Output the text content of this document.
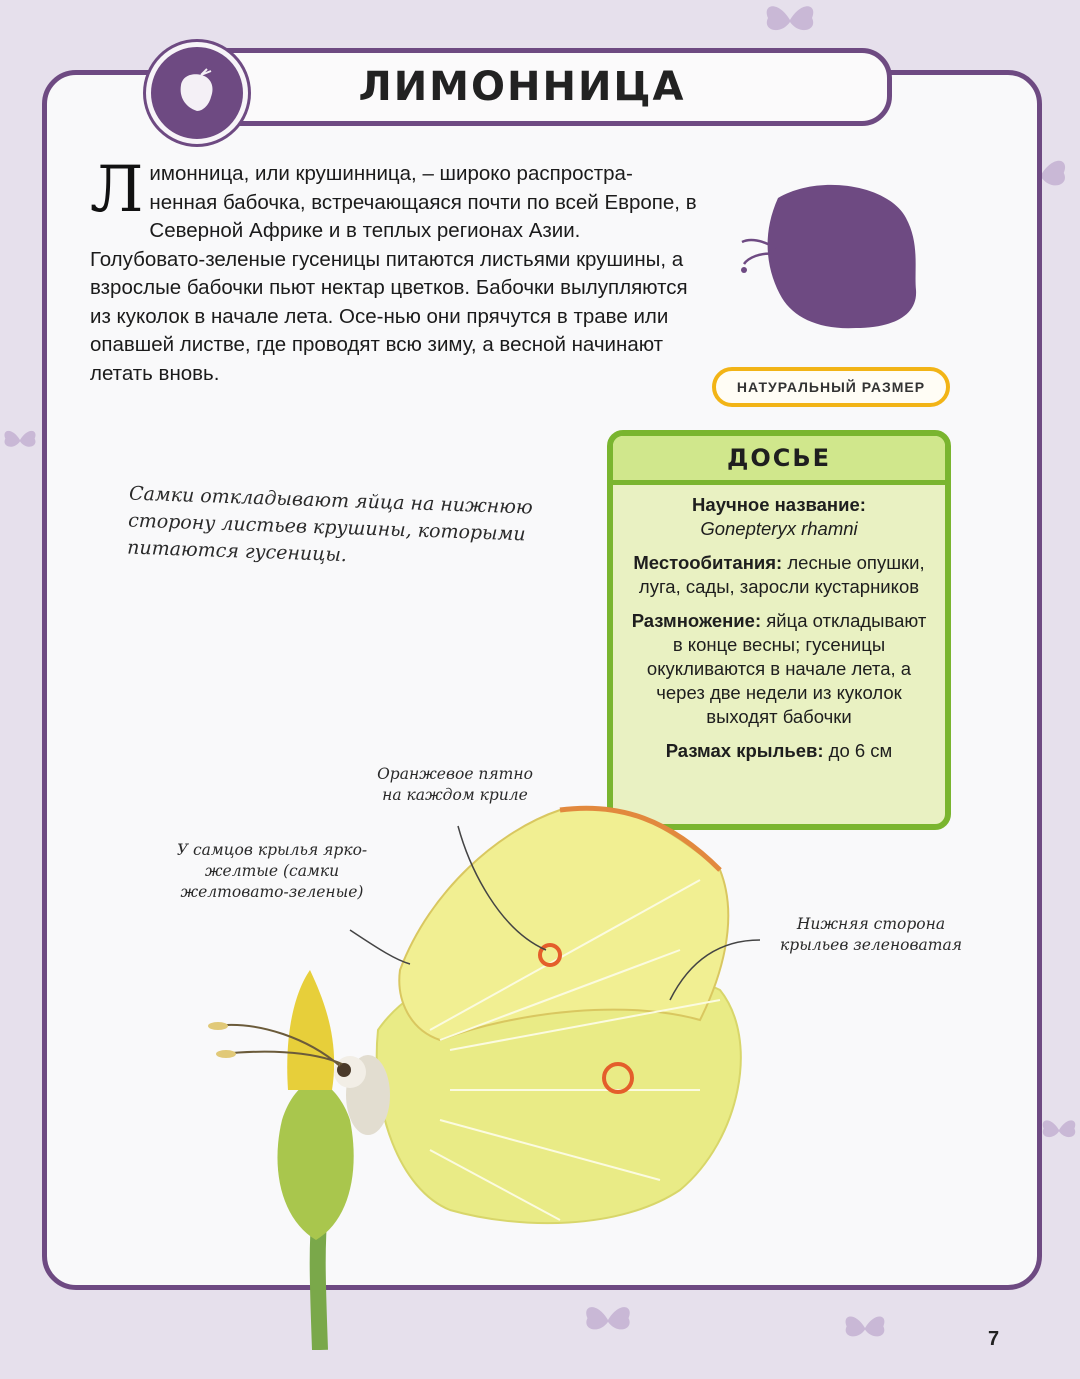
ЛИМОННИЦА
Л имонница, или крушинница, – широко распростра-ненная бабочка, встречающаяся почти по всей Европе, в Северной Африке и в теплых регионах Азии. Голубовато-зеленые гусеницы питаются листьями крушины, а взрослые бабочки пьют нектар цветков. Бабочки вылупляются из куколок в начале лета. Осе-нью они прячутся в траве или опавшей листве, где проводят всю зиму, а весной начинают летать вновь.
НАТУРАЛЬНЫЙ РАЗМЕР
Самки откладывают яйца на нижнюю сторону листьев крушины, которыми питаются гусеницы.
ДОСЬЕ

Научное название:
Gonepteryx rhamni

Местообитания: лесные опушки, луга, сады, заросли кустарников

Размножение: яйца откладывают в конце весны; гусеницы окукливаются в начале лета, а через две недели из куколок выходят бабочки

Размах крыльев: до 6 см

Оранжевое пятно на каждом криле
У самцов крылья ярко-желтые (самки желтовато-зеленые)
Нижняя сторона крыльев зеленоватая
7
